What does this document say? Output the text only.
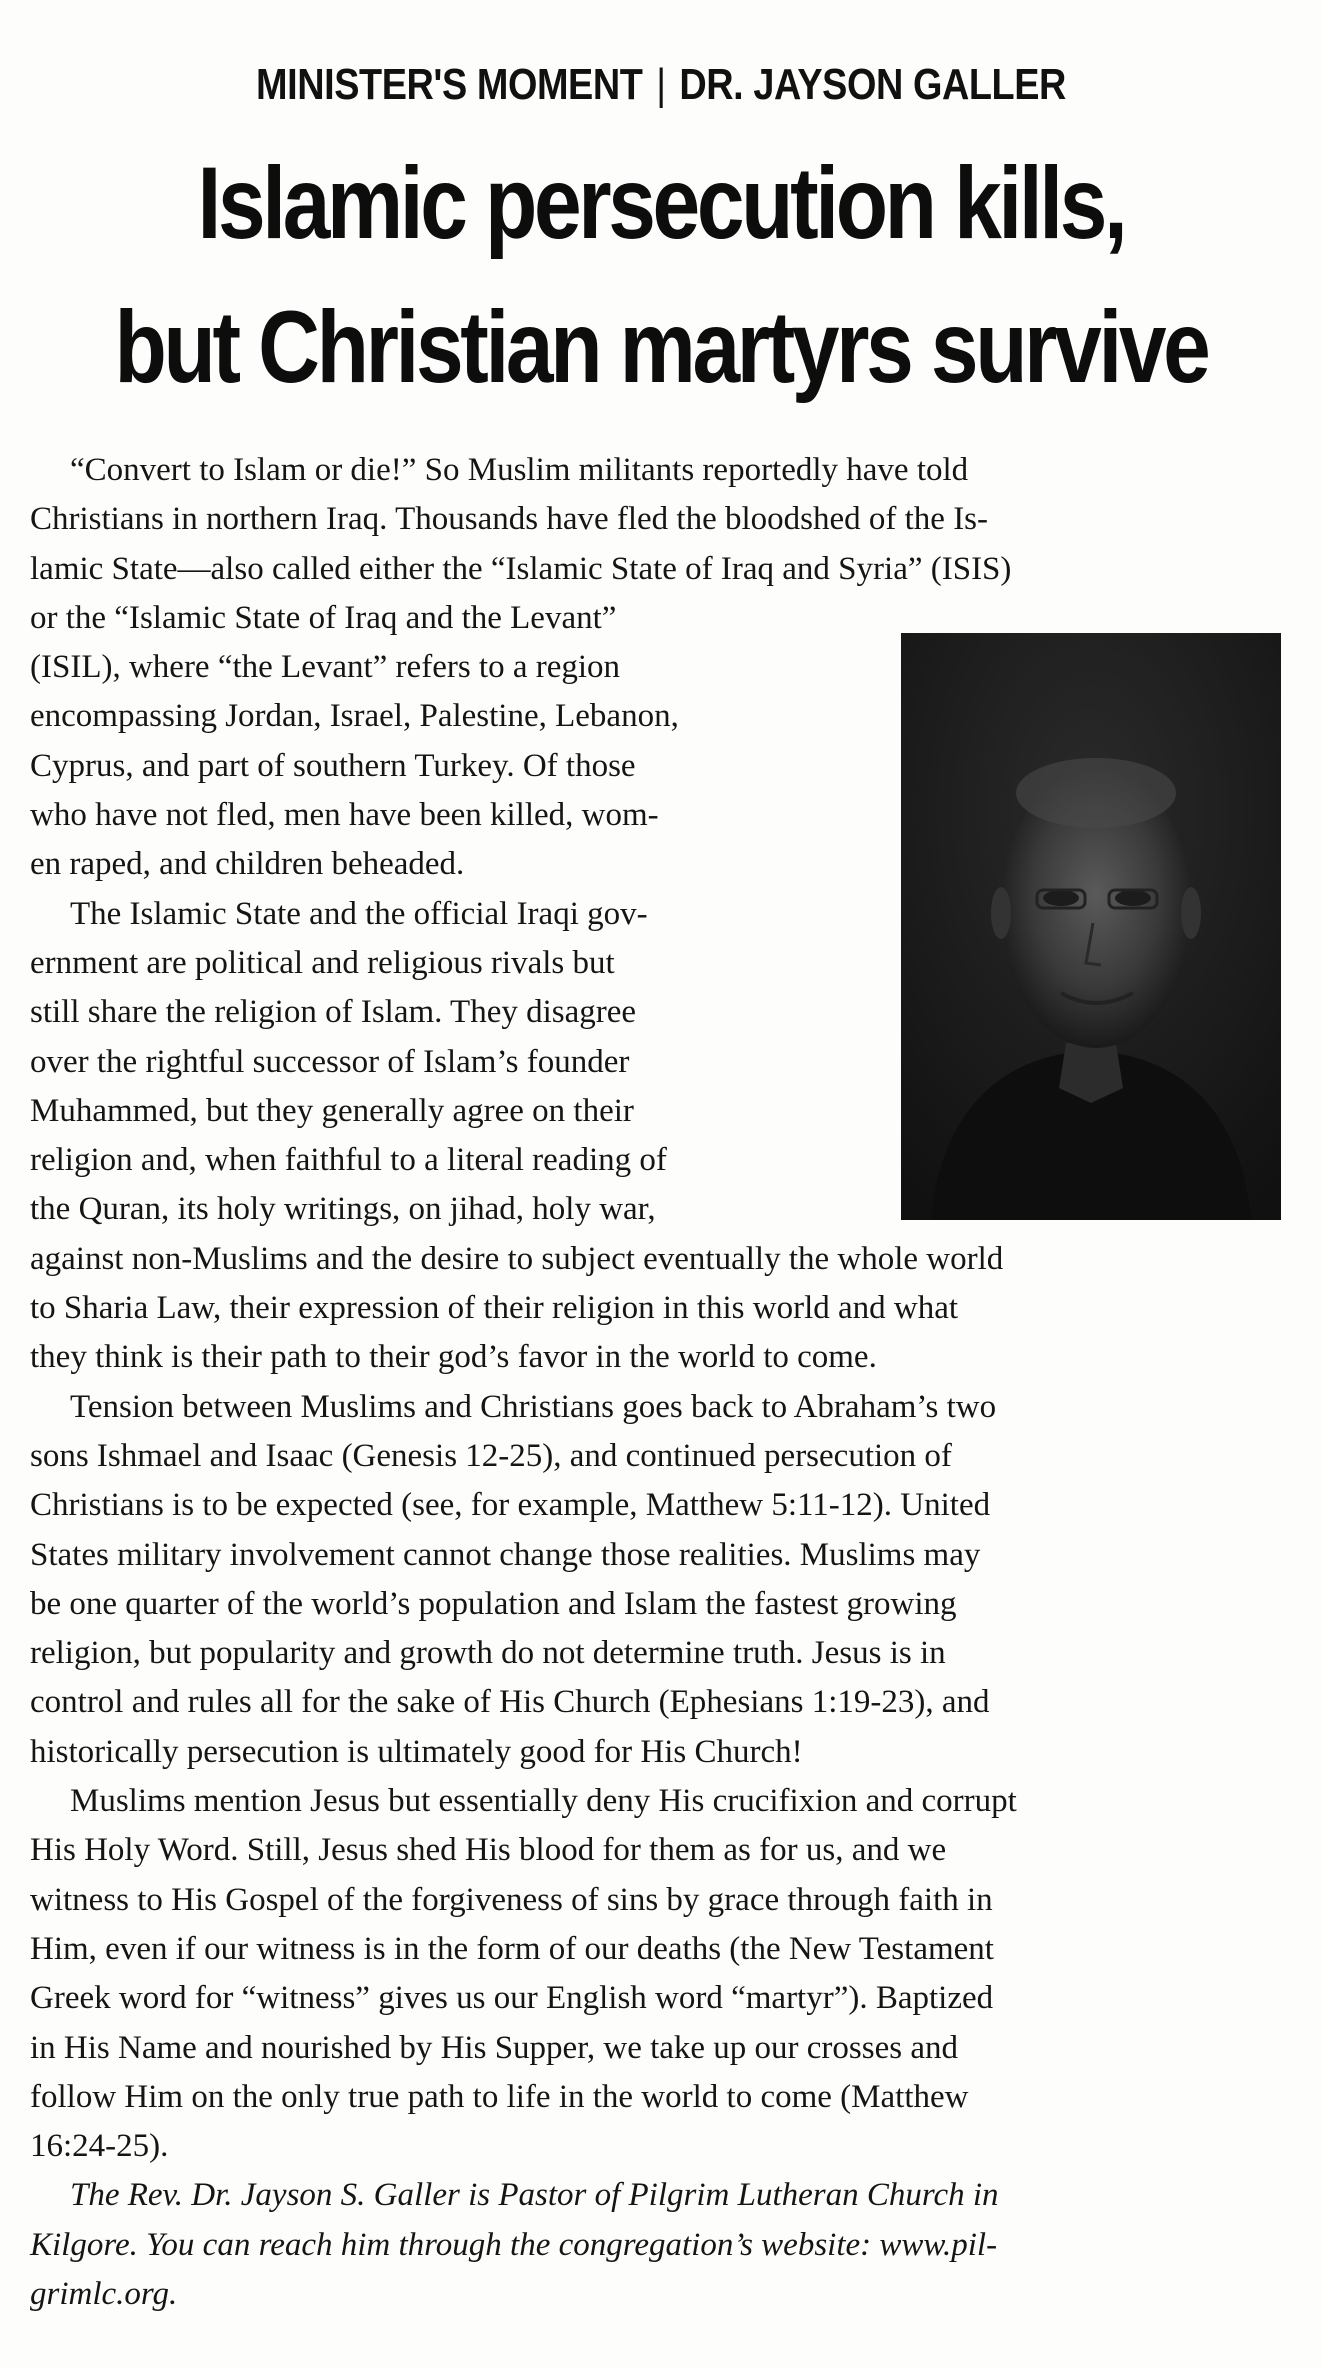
MINISTER'S MOMENT | DR. JAYSON GALLER
Islamic persecution kills,
but Christian martyrs survive
“Convert to Islam or die!” So Muslim militants reportedly have told
Christians in northern Iraq. Thousands have fled the bloodshed of the Is-
lamic State—also called either the “Islamic State of Iraq and Syria” (ISIS)
or the “Islamic State of Iraq and the Levant”
(ISIL), where “the Levant” refers to a region
encompassing Jordan, Israel, Palestine, Lebanon,
Cyprus, and part of southern Turkey. Of those
who have not fled, men have been killed, wom-
en raped, and children beheaded.
The Islamic State and the official Iraqi gov-
ernment are political and religious rivals but
still share the religion of Islam. They disagree
over the rightful successor of Islam’s founder
Muhammed, but they generally agree on their
religion and, when faithful to a literal reading of
the Quran, its holy writings, on jihad, holy war,
against non-Muslims and the desire to subject eventually the whole world
to Sharia Law, their expression of their religion in this world and what
they think is their path to their god’s favor in the world to come.
Tension between Muslims and Christians goes back to Abraham’s two
sons Ishmael and Isaac (Genesis 12-25), and continued persecution of
Christians is to be expected (see, for example, Matthew 5:11-12). United
States military involvement cannot change those realities. Muslims may
be one quarter of the world’s population and Islam the fastest growing
religion, but popularity and growth do not determine truth. Jesus is in
control and rules all for the sake of His Church (Ephesians 1:19-23), and
historically persecution is ultimately good for His Church!
Muslims mention Jesus but essentially deny His crucifixion and corrupt
His Holy Word. Still, Jesus shed His blood for them as for us, and we
witness to His Gospel of the forgiveness of sins by grace through faith in
Him, even if our witness is in the form of our deaths (the New Testament
Greek word for “witness” gives us our English word “martyr”). Baptized
in His Name and nourished by His Supper, we take up our crosses and
follow Him on the only true path to life in the world to come (Matthew
16:24-25).
The Rev. Dr. Jayson S. Galler is Pastor of Pilgrim Lutheran Church in
Kilgore. You can reach him through the congregation’s website: www.pil-
grimlc.org.
